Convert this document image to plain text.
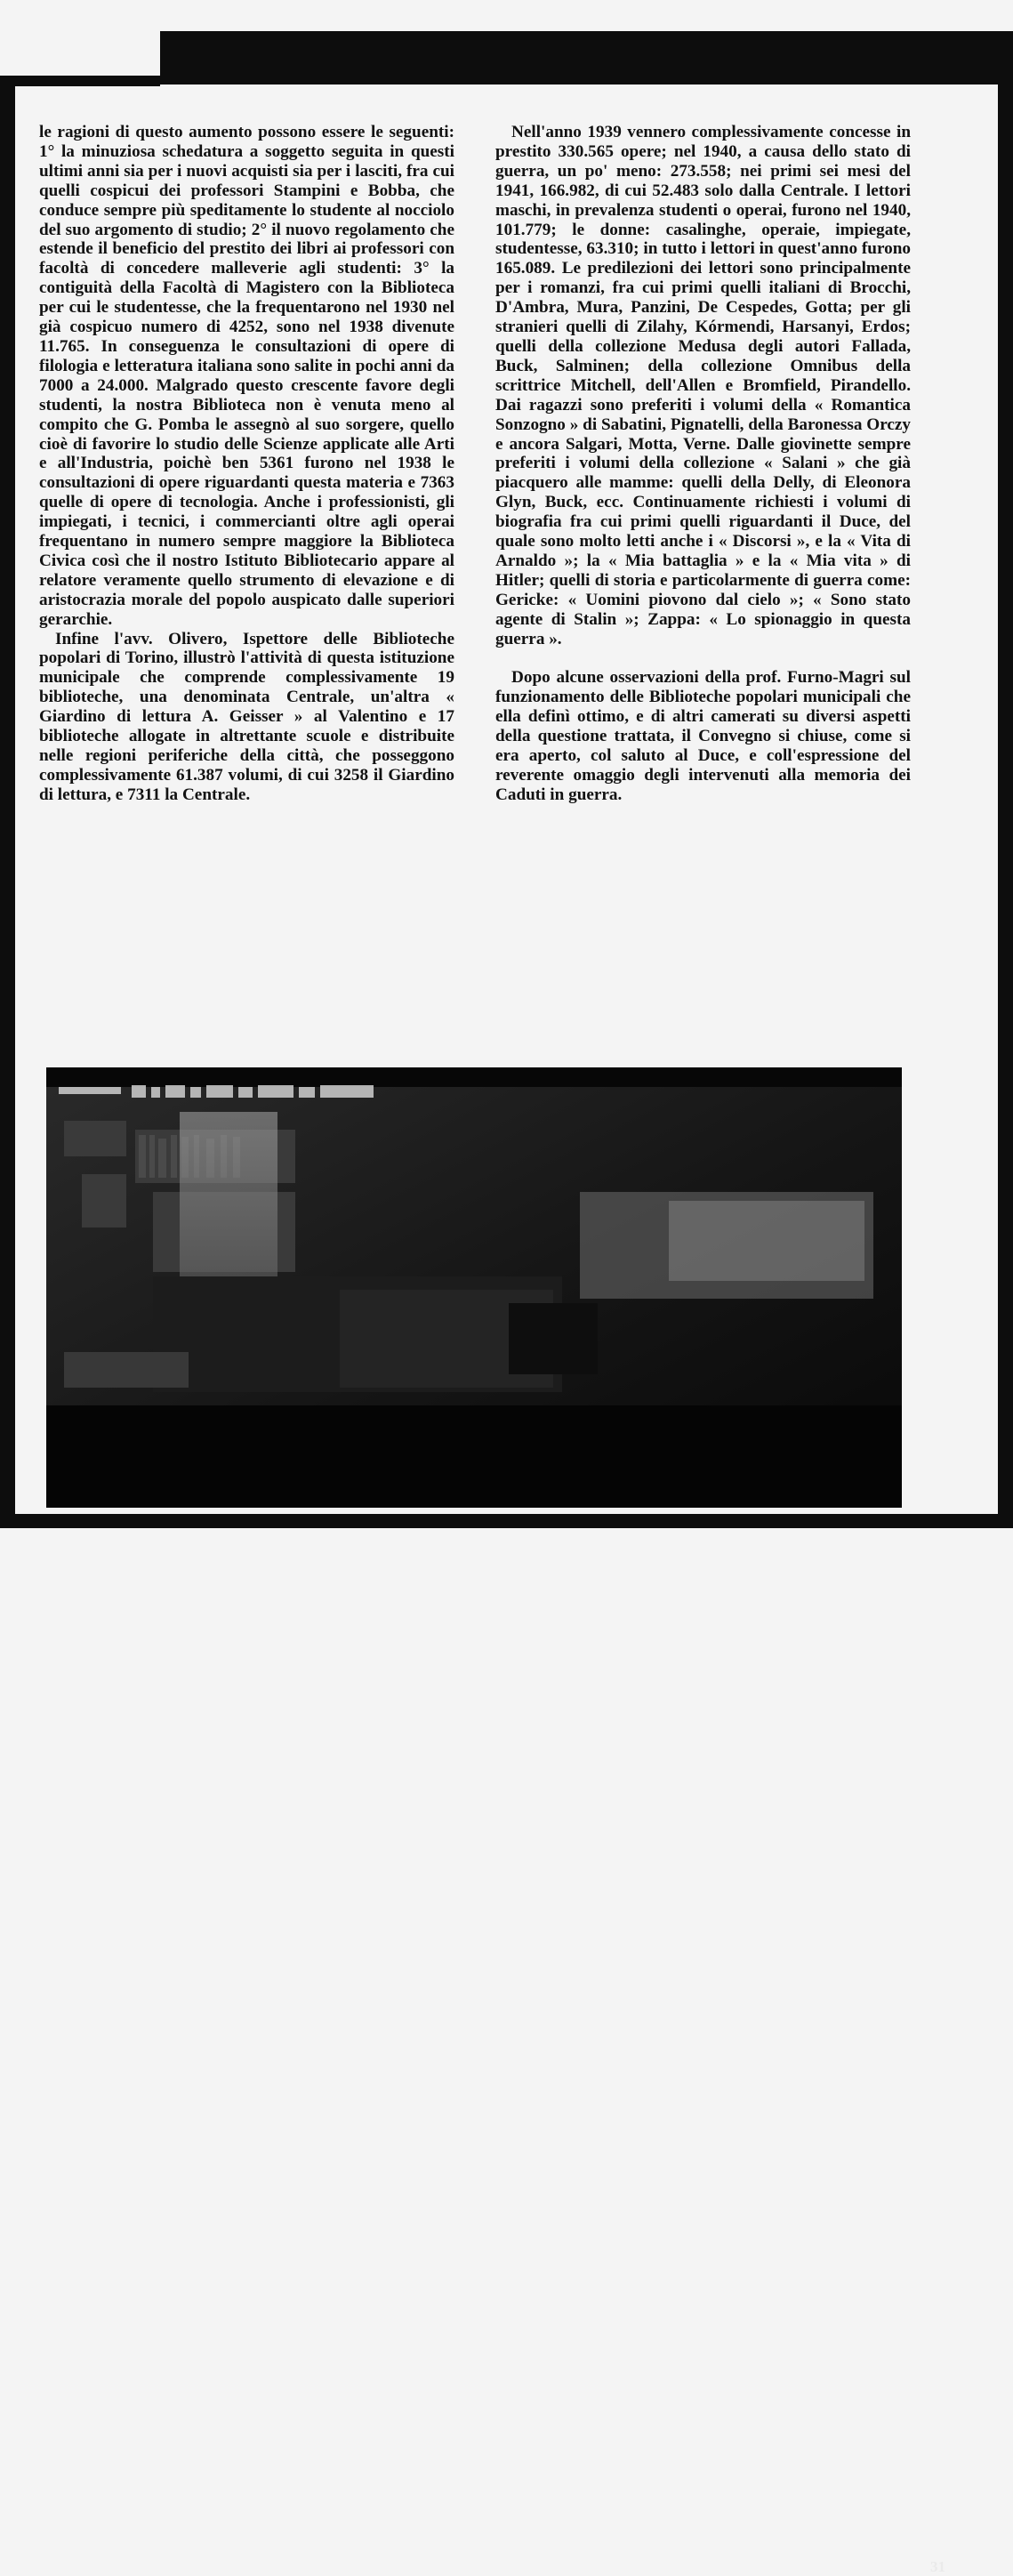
le ragioni di questo aumento possono essere le seguenti: 1° la minuziosa schedatura a soggetto seguita in questi ultimi anni sia per i nuovi acquisti sia per i lasciti, fra cui quelli cospicui dei professori Stampini e Bobba, che conduce sempre più speditamente lo studente al nocciolo del suo argomento di studio; 2° il nuovo regolamento che estende il beneficio del prestito dei libri ai professori con facoltà di concedere malleverie agli studenti: 3° la contiguità della Facoltà di Magistero con la Biblioteca per cui le studentesse, che la frequentarono nel 1930 nel già cospicuo numero di 4252, sono nel 1938 divenute 11.765. In conseguenza le consultazioni di opere di filologia e letteratura italiana sono salite in pochi anni da 7000 a 24.000. Malgrado questo crescente favore degli studenti, la nostra Biblioteca non è venuta meno al compito che G. Pomba le assegnò al suo sorgere, quello cioè di favorire lo studio delle Scienze applicate alle Arti e all'Industria, poichè ben 5361 furono nel 1938 le consultazioni di opere riguardanti questa materia e 7363 quelle di opere di tecnologia. Anche i professionisti, gli impiegati, i tecnici, i commercianti oltre agli operai frequentano in numero sempre maggiore la Biblioteca Civica così che il nostro Istituto Bibliotecario appare al relatore veramente quello strumento di elevazione e di aristocrazia morale del popolo auspicato dalle superiori gerarchie.

Infine l'avv. Olivero, Ispettore delle Biblioteche popolari di Torino, illustrò l'attività di questa istituzione municipale che comprende complessivamente 19 biblioteche, una denominata Centrale, un'altra « Giardino di lettura A. Geisser » al Valentino e 17 biblioteche allogate in altrettante scuole e distribuite nelle regioni periferiche della città, che posseggono complessivamente 61.387 volumi, di cui 3258 il Giardino di lettura, e 7311 la Centrale.

Nell'anno 1939 vennero complessivamente concesse in prestito 330.565 opere; nel 1940, a causa dello stato di guerra, un po' meno: 273.558; nei primi sei mesi del 1941, 166.982, di cui 52.483 solo dalla Centrale. I lettori maschi, in prevalenza studenti o operai, furono nel 1940, 101.779; le donne: casalinghe, operaie, impiegate, studentesse, 63.310; in tutto i lettori in quest'anno furono 165.089. Le predilezioni dei lettori sono principalmente per i romanzi, fra cui primi quelli italiani di Brocchi, D'Ambra, Mura, Panzini, De Cespedes, Gotta; per gli stranieri quelli di Zilahy, Kórmendi, Harsanyi, Erdos; quelli della collezione Medusa degli autori Fallada, Buck, Salminen; della collezione Omnibus della scrittrice Mitchell, dell'Allen e Bromfield, Pirandello. Dai ragazzi sono preferiti i volumi della « Romantica Sonzogno » di Sabatini, Pignatelli, della Baronessa Orczy e ancora Salgari, Motta, Verne. Dalle giovinette sempre preferiti i volumi della collezione « Salani » che già piacquero alle mamme: quelli della Delly, di Eleonora Glyn, Buck, ecc. Continuamente richiesti i volumi di biografia fra cui primi quelli riguardanti il Duce, del quale sono molto letti anche i « Discorsi », e la « Vita di Arnaldo »; la « Mia battaglia » e la « Mia vita » di Hitler; quelli di storia e particolarmente di guerra come: Gericke: « Uomini piovono dal cielo »; « Sono stato agente di Stalin »; Zappa: « Lo spionaggio in questa guerra ».

Dopo alcune osservazioni della prof. Furno-Magri sul funzionamento delle Biblioteche popolari municipali che ella definì ottimo, e di altri camerati su diversi aspetti della questione trattata, il Convegno si chiuse, come si era aperto, col saluto al Duce, e coll'espressione del reverente omaggio degli intervenuti alla memoria dei Caduti in guerra.

31
